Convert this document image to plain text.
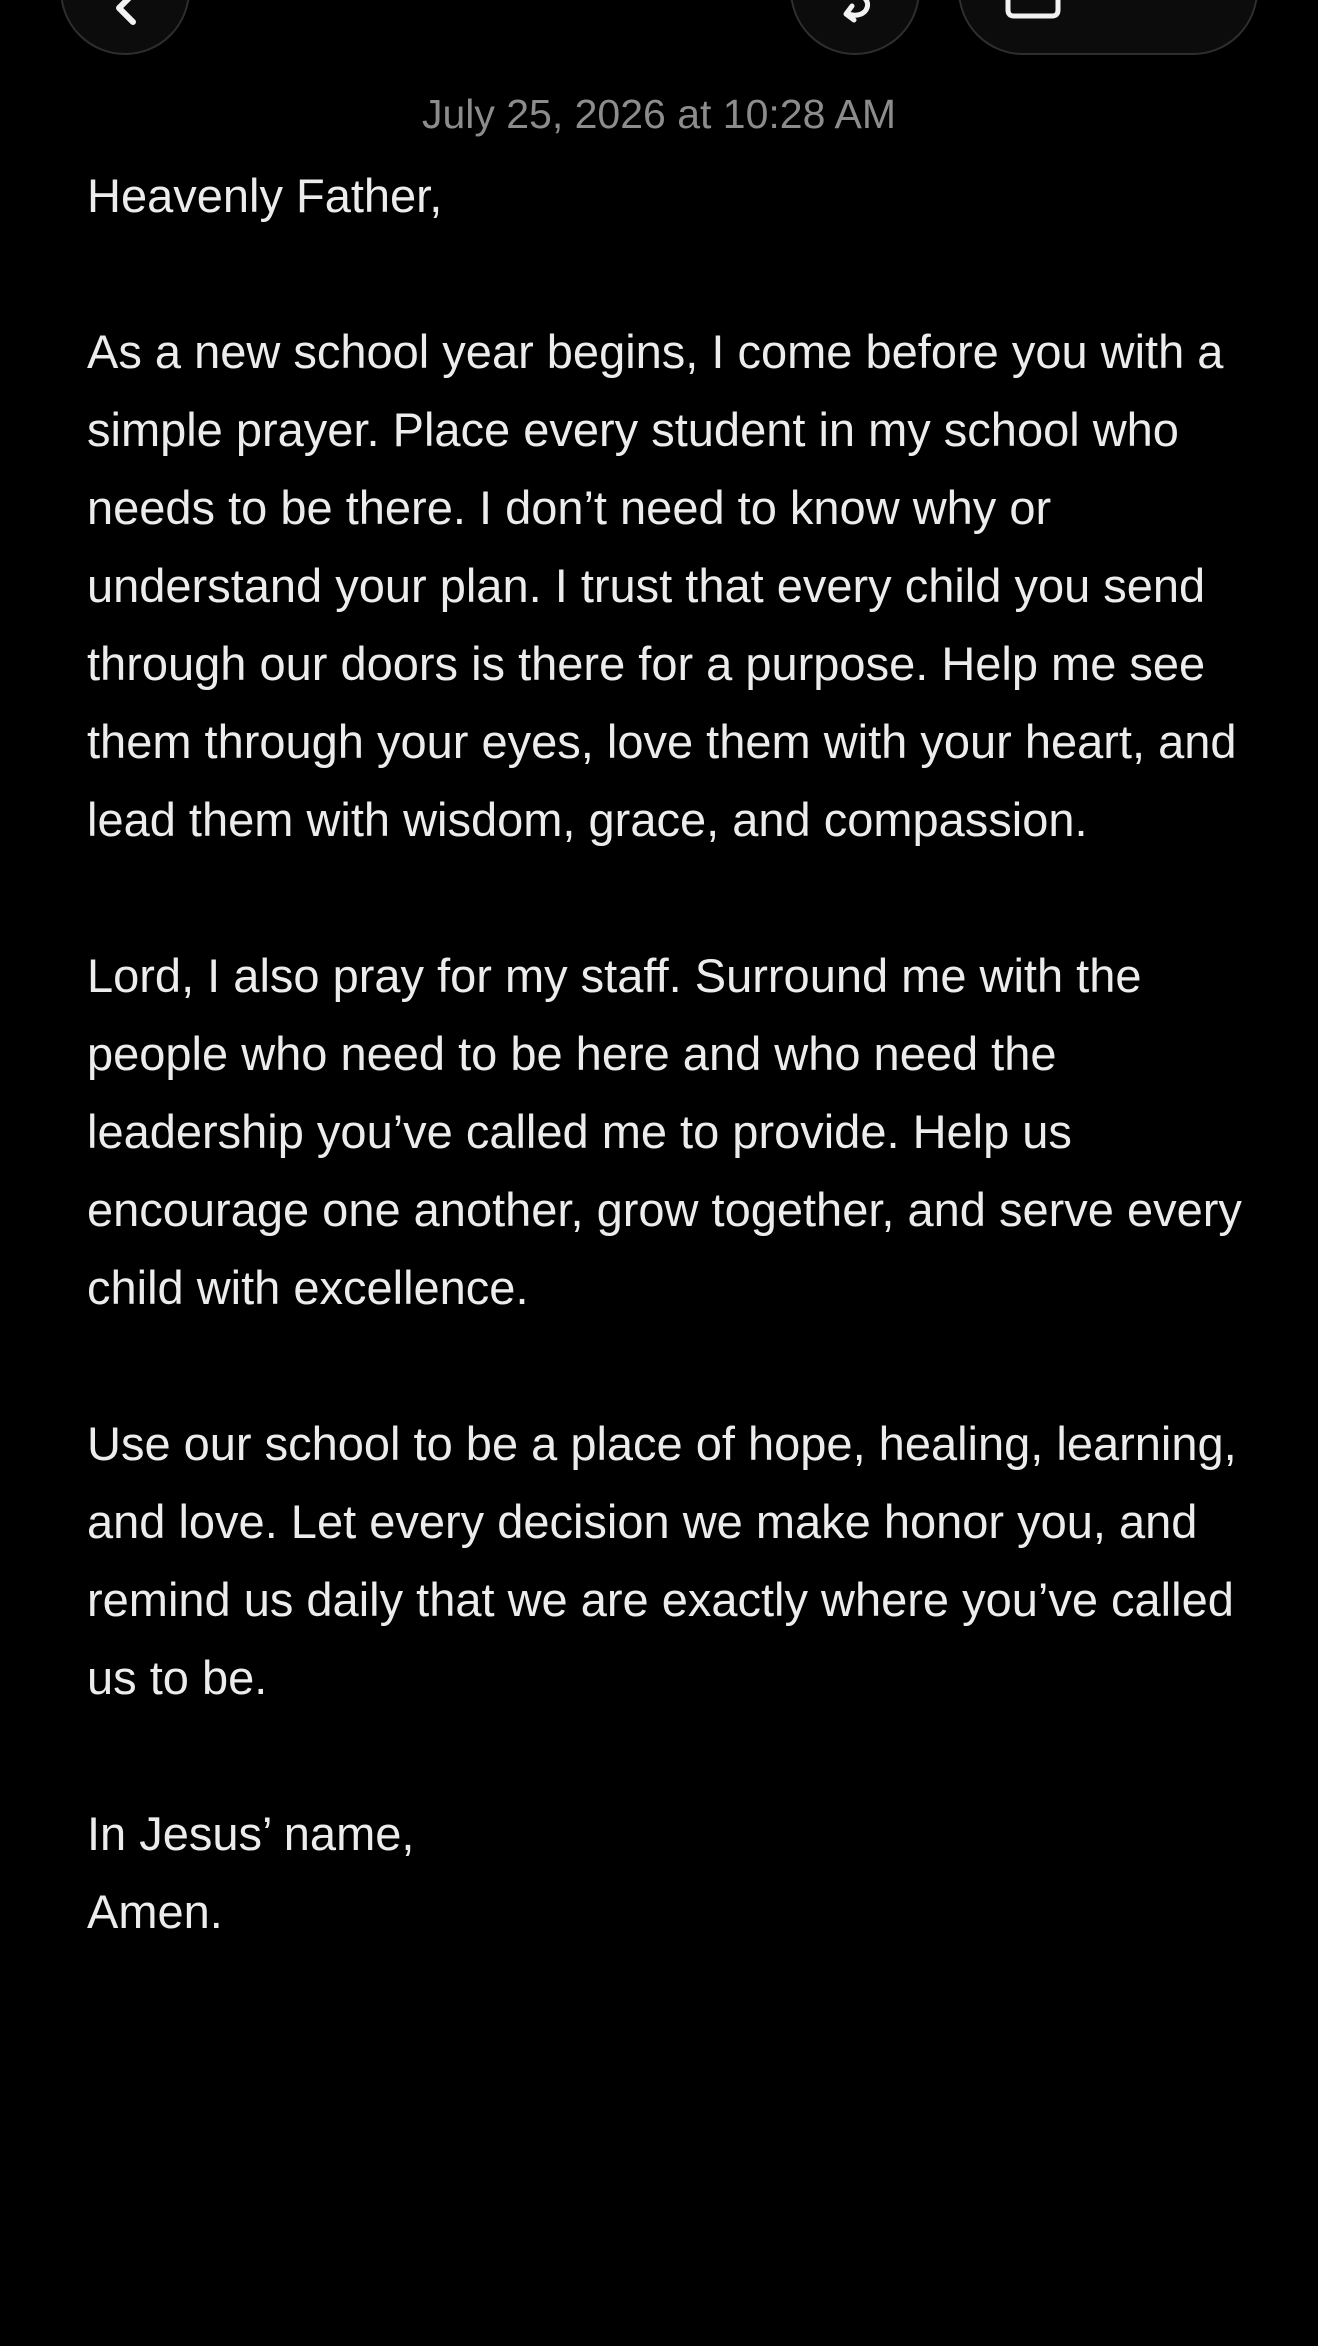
July 25, 2026 at 10:28 AM

Heavenly Father,

As a new school year begins, I come before you with a simple prayer. Place every student in my school who needs to be there. I don’t need to know why or understand your plan. I trust that every child you send through our doors is there for a purpose. Help me see them through your eyes, love them with your heart, and lead them with wisdom, grace, and compassion.

Lord, I also pray for my staff. Surround me with the people who need to be here and who need the leadership you’ve called me to provide. Help us encourage one another, grow together, and serve every child with excellence.

Use our school to be a place of hope, healing, learning, and love. Let every decision we make honor you, and remind us daily that we are exactly where you’ve called us to be.

In Jesus’ name,

Amen.
